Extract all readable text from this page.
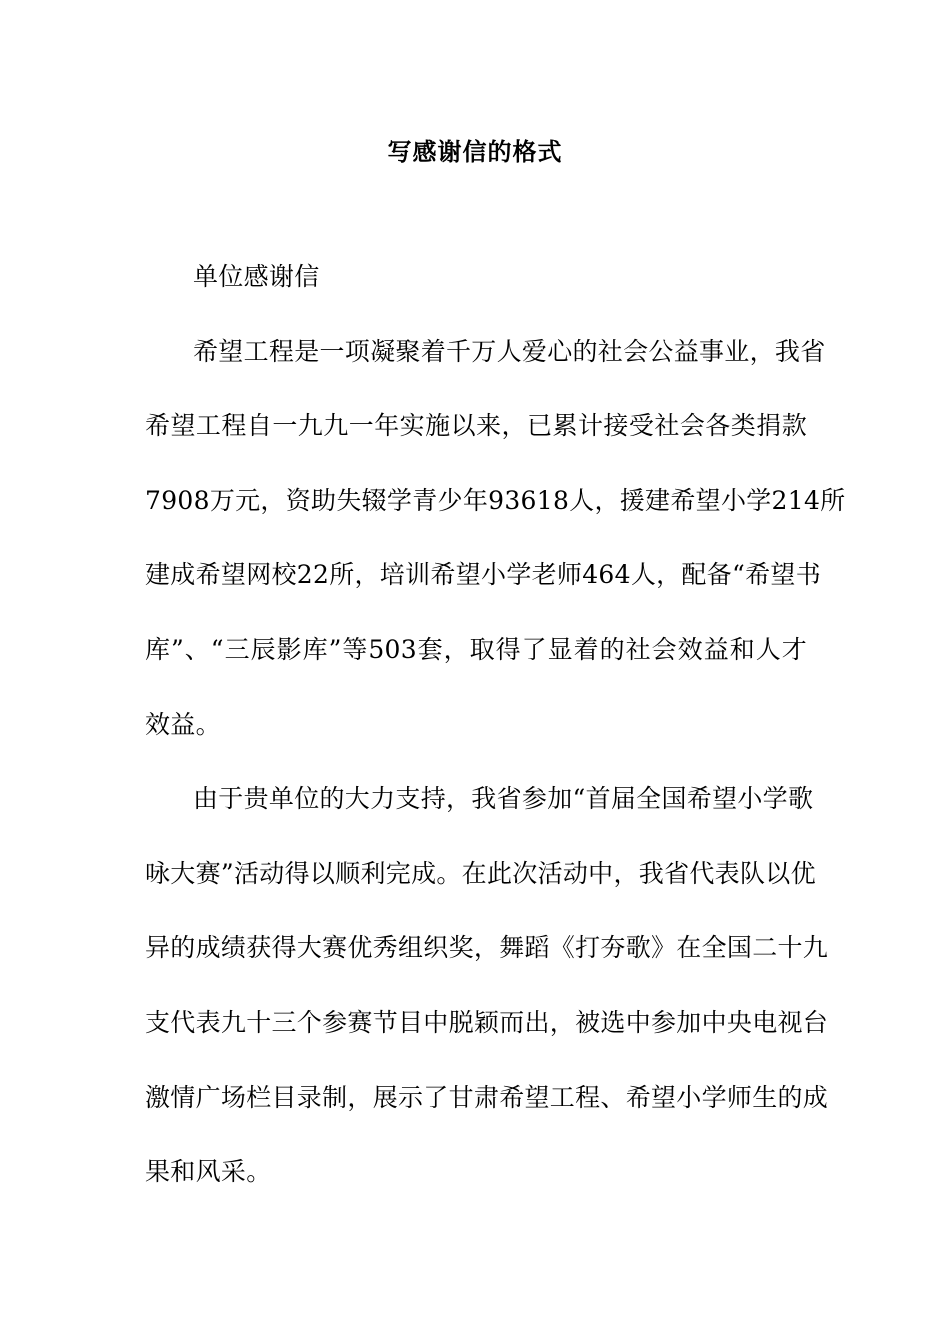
写感谢信的格式
单位感谢信
希望工程是一项凝聚着千万人爱心的社会公益事业，我省
希望工程自一九九一年实施以来，已累计接受社会各类捐款
7908万元，资助失辍学青少年93618人，援建希望小学214所
建成希望网校22所，培训希望小学老师464人，配备“希望书
库”、“三辰影库”等503套，取得了显着的社会效益和人才
效益。
由于贵单位的大力支持，我省参加“首届全国希望小学歌
咏大赛”活动得以顺利完成。在此次活动中，我省代表队以优
异的成绩获得大赛优秀组织奖，舞蹈《打夯歌》在全国二十九
支代表九十三个参赛节目中脱颖而出，被选中参加中央电视台
激情广场栏目录制，展示了甘肃希望工程、希望小学师生的成
果和风采。
